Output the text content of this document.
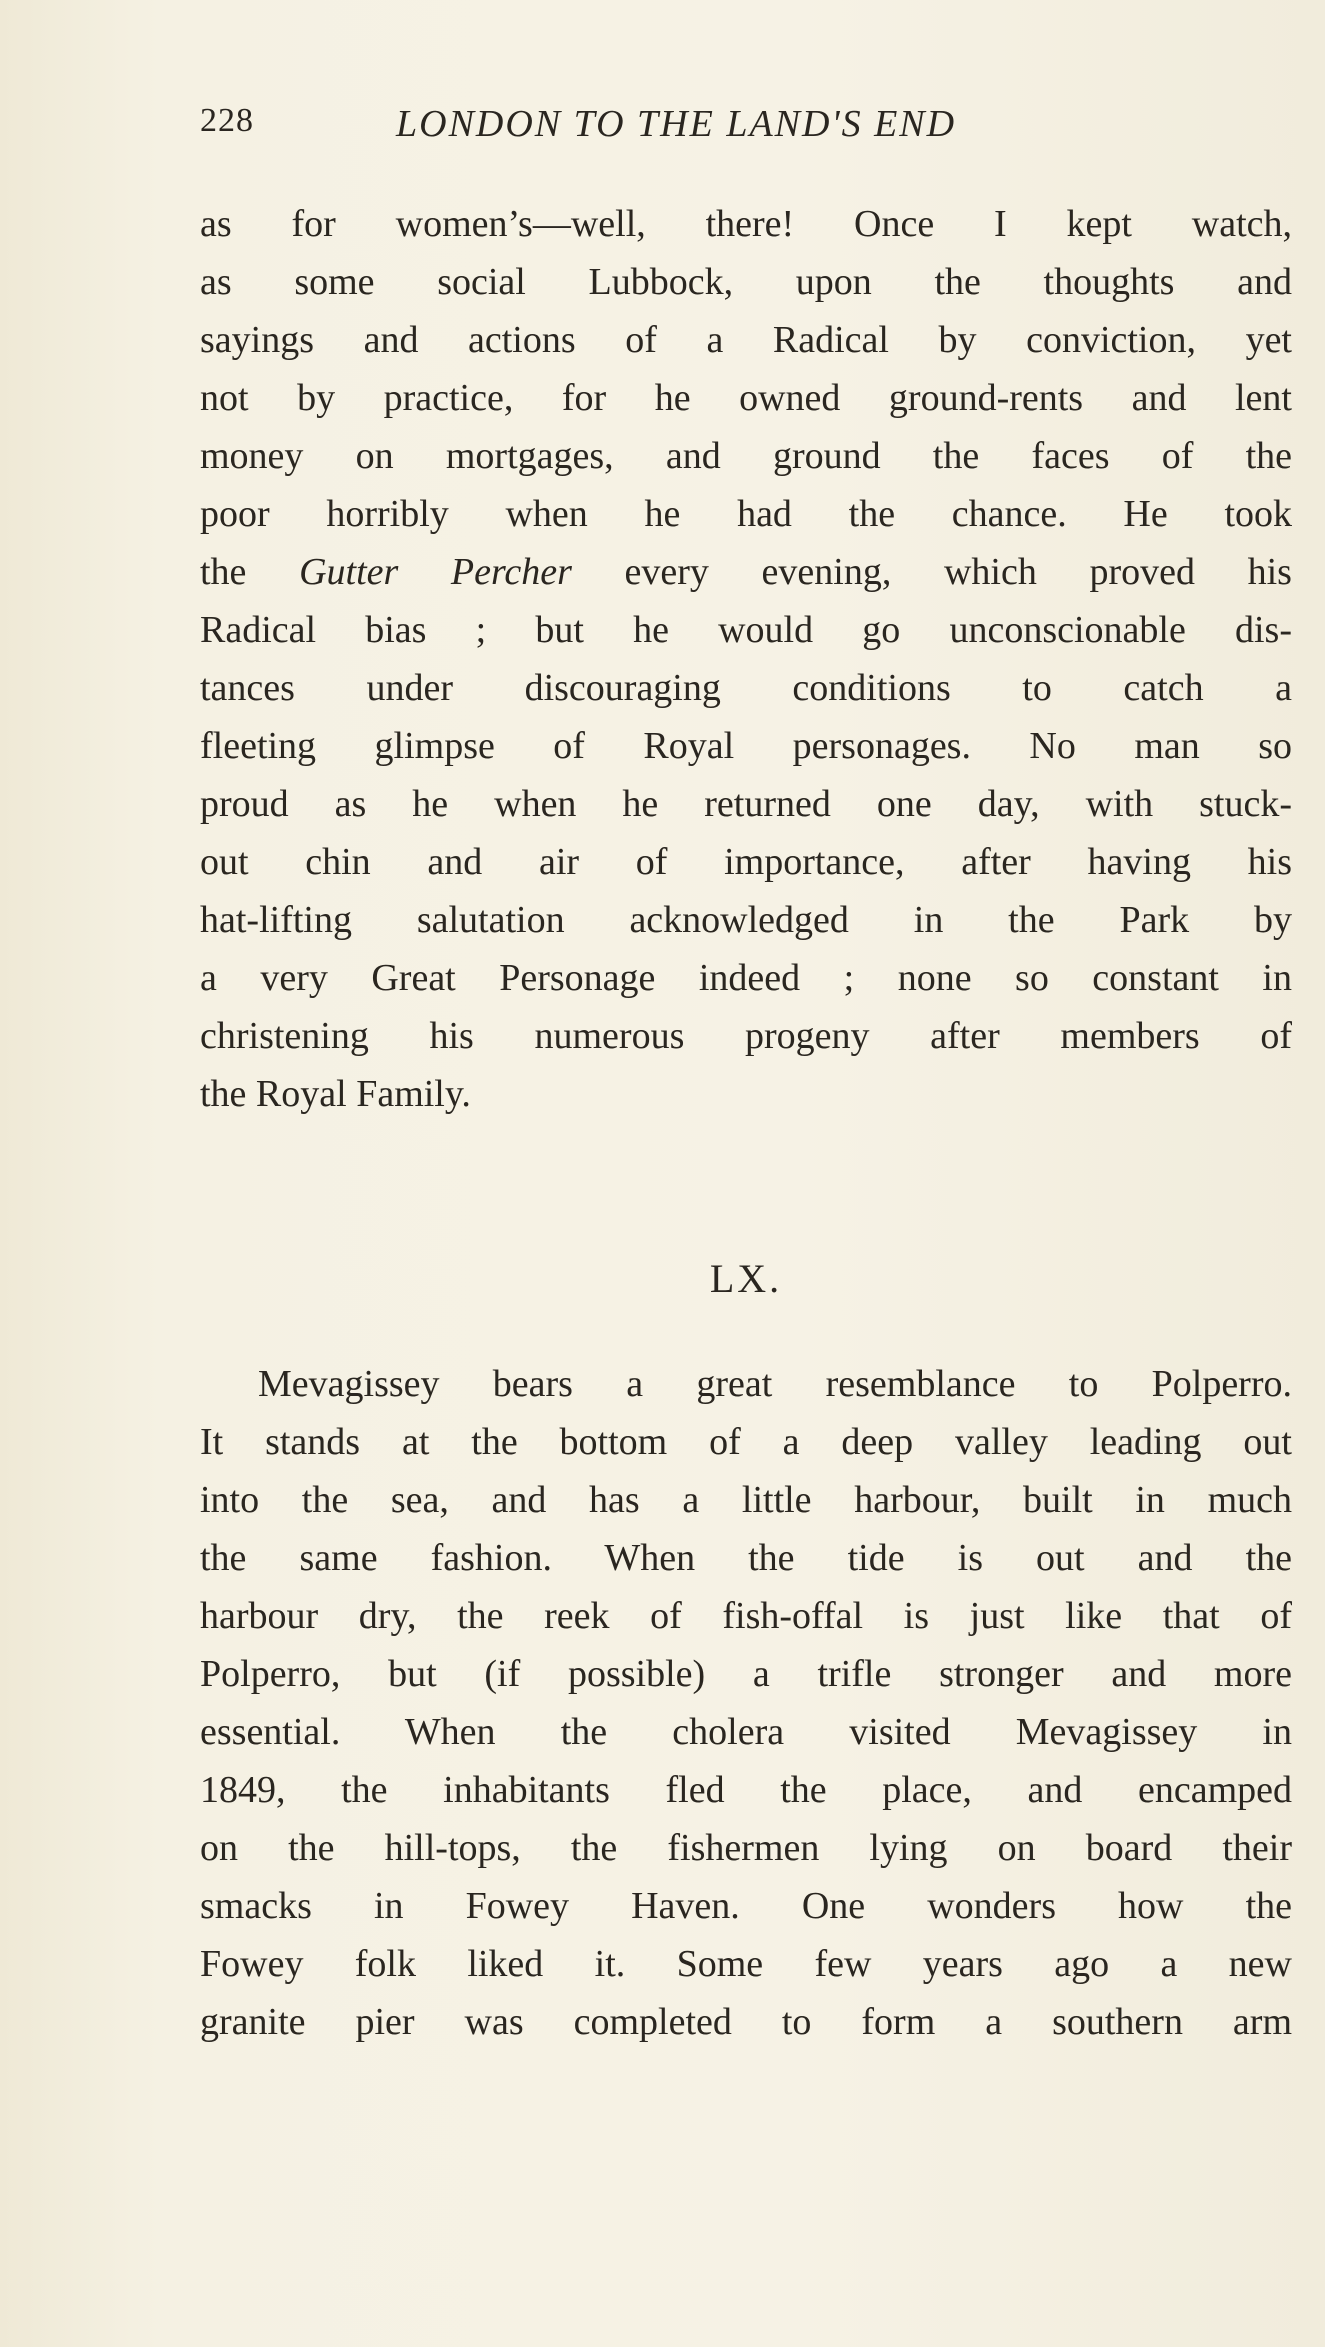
228	LONDON TO THE LAND'S END
as for women’s—well, there! Once I kept watch,
as some social Lubbock, upon the thoughts and
sayings and actions of a Radical by conviction, yet
not by practice, for he owned ground-rents and lent
money on mortgages, and ground the faces of the
poor horribly when he had the chance. He took
the Gutter Percher every evening, which proved his
Radical bias ; but he would go unconscionable dis-
tances under discouraging conditions to catch a
fleeting glimpse of Royal personages. No man so
proud as he when he returned one day, with stuck-
out chin and air of importance, after having his
hat-lifting salutation acknowledged in the Park by
a very Great Personage indeed ; none so constant in
christening his numerous progeny after members of
the Royal Family.
LX.
Mevagissey bears a great resemblance to Polperro.
It stands at the bottom of a deep valley leading out
into the sea, and has a little harbour, built in much
the same fashion. When the tide is out and the
harbour dry, the reek of fish-offal is just like that of
Polperro, but (if possible) a trifle stronger and more
essential. When the cholera visited Mevagissey in
1849, the inhabitants fled the place, and encamped
on the hill-tops, the fishermen lying on board their
smacks in Fowey Haven. One wonders how the
Fowey folk liked it. Some few years ago a new
granite pier was completed to form a southern arm
